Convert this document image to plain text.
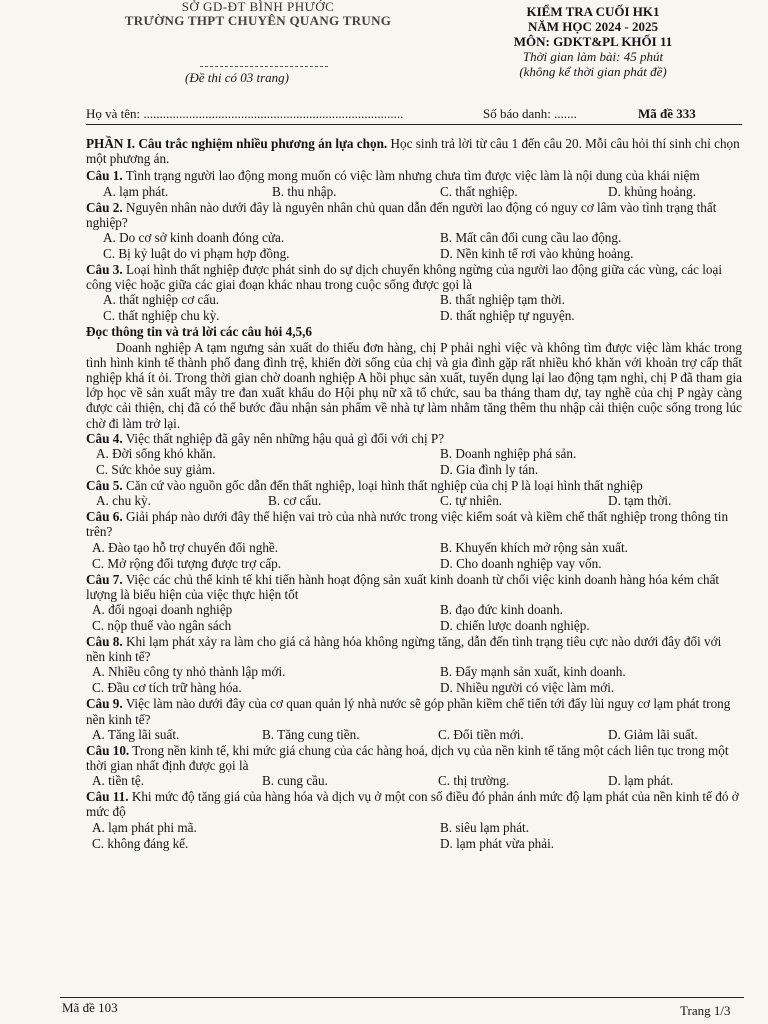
SỞ GD-ĐT BÌNH PHƯỚC
TRƯỜNG THPT CHUYÊN QUANG TRUNG
(Đề thi có 03 trang)
KIỂM TRA CUỐI HK1
NĂM HỌC 2024 - 2025
MÔN: GDKT&PL KHỐI 11
Thời gian làm bài: 45 phút
(không kể thời gian phát đề)
Họ và tên: ................................................................................	Số báo danh: .......	Mã đề 333

PHẦN I. Câu trắc nghiệm nhiều phương án lựa chọn. Học sinh trả lời từ câu 1 đến câu 20. Mỗi câu hỏi thí sinh chỉ chọn một phương án.

Câu 1. Tình trạng người lao động mong muốn có việc làm nhưng chưa tìm được việc làm là nội dung của khái niệm

A. lạm phát.	B. thu nhập.	C. thất nghiệp.	D. khủng hoảng.

Câu 2. Nguyên nhân nào dưới đây là nguyên nhân chủ quan dẫn đến người lao động có nguy cơ lâm vào tình trạng thất nghiệp?

A. Do cơ sở kinh doanh đóng cửa.	B. Mất cân đối cung cầu lao động.
C. Bị kỷ luật do vi phạm hợp đồng.	D. Nền kinh tế rơi vào khủng hoảng.

Câu 3. Loại hình thất nghiệp được phát sinh do sự dịch chuyển không ngừng của người lao động giữa các vùng, các loại công việc hoặc giữa các giai đoạn khác nhau trong cuộc sống được gọi là

A. thất nghiệp cơ cấu.	B. thất nghiệp tạm thời.
C. thất nghiệp chu kỳ.	D. thất nghiệp tự nguyện.

Đọc thông tin và trả lời các câu hỏi 4,5,6

Doanh nghiệp A tạm ngưng sản xuất do thiếu đơn hàng, chị P phải nghỉ việc và không tìm được việc làm khác trong tình hình kinh tế thành phố đang đình trệ, khiến đời sống của chị và gia đình gặp rất nhiều khó khăn với khoản trợ cấp thất nghiệp khá ít ỏi. Trong thời gian chờ doanh nghiệp A hồi phục sản xuất, tuyển dụng lại lao động tạm nghỉ, chị P đã tham gia lớp học về sản xuất mây tre đan xuất khẩu do Hội phụ nữ xã tổ chức, sau ba tháng tham dự, tay nghề của chị P ngày càng được cải thiện, chị đã có thể bước đầu nhận sản phẩm về nhà tự làm nhằm tăng thêm thu nhập cải thiện cuộc sống trong lúc chờ đi làm trở lại.

Câu 4. Việc thất nghiệp đã gây nên những hậu quả gì đối với chị P?

A. Đời sống khó khăn.	B. Doanh nghiệp phá sản.
C. Sức khỏe suy giảm.	D. Gia đình ly tán.

Câu 5. Căn cứ vào nguồn gốc dẫn đến thất nghiệp, loại hình thất nghiệp của chị P là loại hình thất nghiệp

A. chu kỳ.	B. cơ cấu.	C. tự nhiên.	D. tạm thời.

Câu 6. Giải pháp nào dưới đây thể hiện vai trò của nhà nước trong việc kiểm soát và kiềm chế thất nghiệp trong thông tin trên?

A. Đào tạo hỗ trợ chuyển đổi nghề.	B. Khuyến khích mở rộng sản xuất.
C. Mở rộng đối tượng được trợ cấp.	D. Cho doanh nghiệp vay vốn.

Câu 7. Việc các chủ thể kinh tế khi tiến hành hoạt động sản xuất kinh doanh từ chối việc kinh doanh hàng hóa kém chất lượng là biểu hiện của việc thực hiện tốt

A. đối ngoại doanh nghiệp	B. đạo đức kinh doanh.
C. nộp thuế vào ngân sách	D. chiến lược doanh nghiệp.

Câu 8. Khi lạm phát xảy ra làm cho giá cả hàng hóa không ngừng tăng, dẫn đến tình trạng tiêu cực nào dưới đây đối với nền kinh tế?

A. Nhiều công ty nhỏ thành lập mới.	B. Đẩy mạnh sản xuất, kinh doanh.
C. Đầu cơ tích trữ hàng hóa.	D. Nhiều người có việc làm mới.

Câu 9. Việc làm nào dưới đây của cơ quan quản lý nhà nước sẽ góp phần kiềm chế tiến tới đẩy lùi nguy cơ lạm phát trong nền kinh tế?

A. Tăng lãi suất.	B. Tăng cung tiền.	C. Đổi tiền mới.	D. Giảm lãi suất.

Câu 10. Trong nền kinh tế, khi mức giá chung của các hàng hoá, dịch vụ của nền kinh tế tăng một cách liên tục trong một thời gian nhất định được gọi là

A. tiền tệ.	B. cung cầu.	C. thị trường.	D. lạm phát.

Câu 11. Khi mức độ tăng giá của hàng hóa và dịch vụ ở một con số điều đó phản ánh mức độ lạm phát của nền kinh tế đó ở mức độ

A. lạm phát phi mã.	B. siêu lạm phát.
C. không đáng kể.	D. lạm phát vừa phải.
Mã đề 103	Trang 1/3
